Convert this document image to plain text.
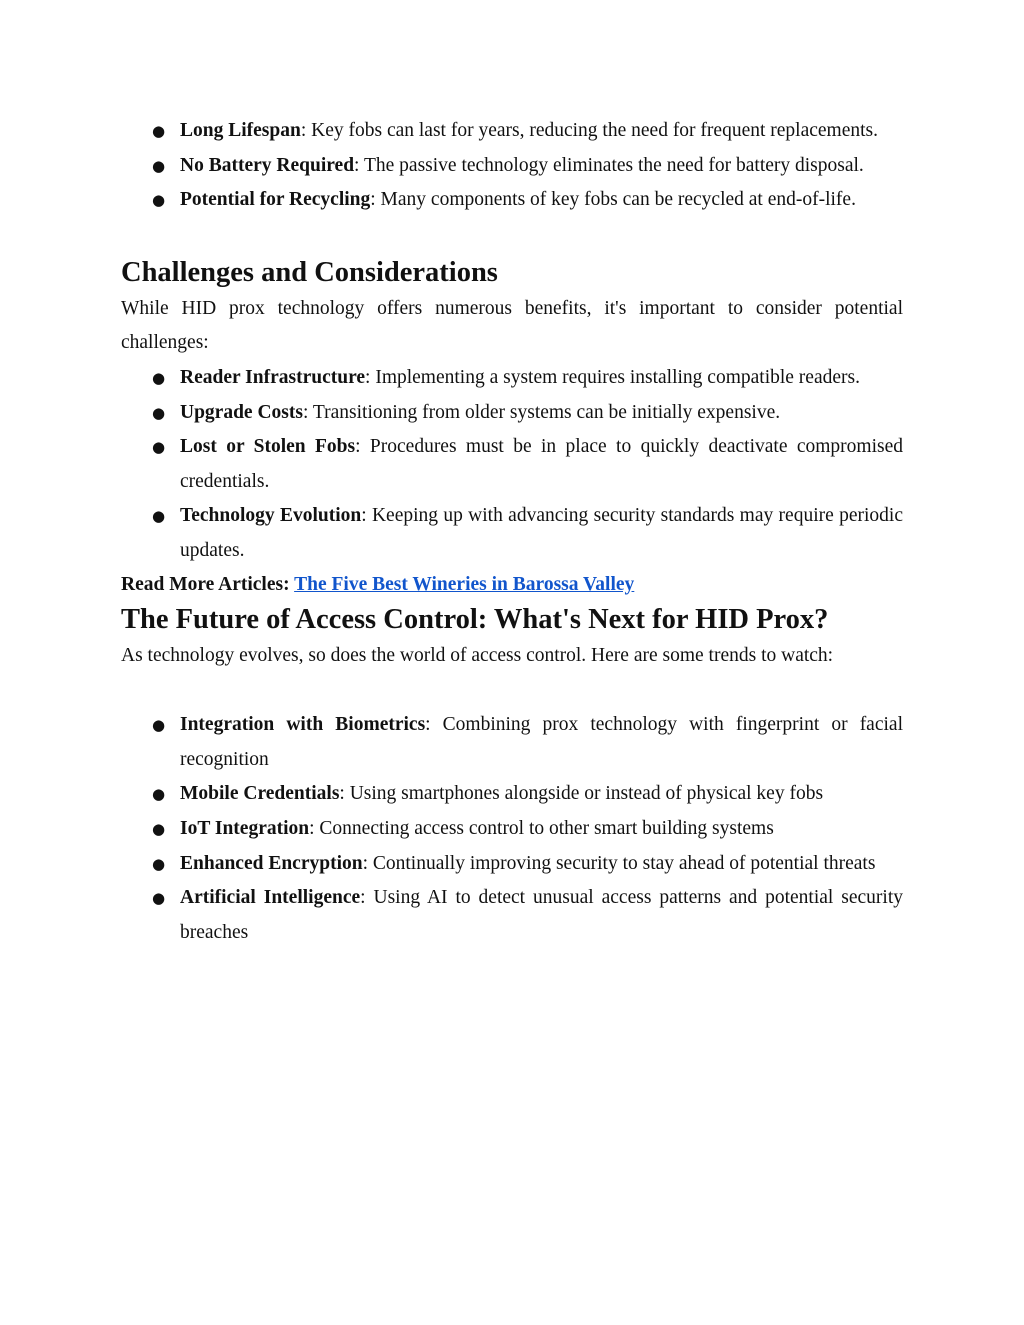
● Long Lifespan: Key fobs can last for years, reducing the need for frequent replacements.
● No Battery Required: The passive technology eliminates the need for battery disposal.
● Potential for Recycling: Many components of key fobs can be recycled at end-of-life.
Challenges and Considerations

While HID prox technology offers numerous benefits, it's important to consider potential challenges:

● Reader Infrastructure: Implementing a system requires installing compatible readers.
● Upgrade Costs: Transitioning from older systems can be initially expensive.
● Lost or Stolen Fobs: Procedures must be in place to quickly deactivate compromised credentials.
● Technology Evolution: Keeping up with advancing security standards may require periodic updates.

Read More Articles: The Five Best Wineries in Barossa Valley

The Future of Access Control: What's Next for HID Prox?

As technology evolves, so does the world of access control. Here are some trends to watch:

● Integration with Biometrics: Combining prox technology with fingerprint or facial recognition
● Mobile Credentials: Using smartphones alongside or instead of physical key fobs
● IoT Integration: Connecting access control to other smart building systems
● Enhanced Encryption: Continually improving security to stay ahead of potential threats
● Artificial Intelligence: Using AI to detect unusual access patterns and potential security breaches
